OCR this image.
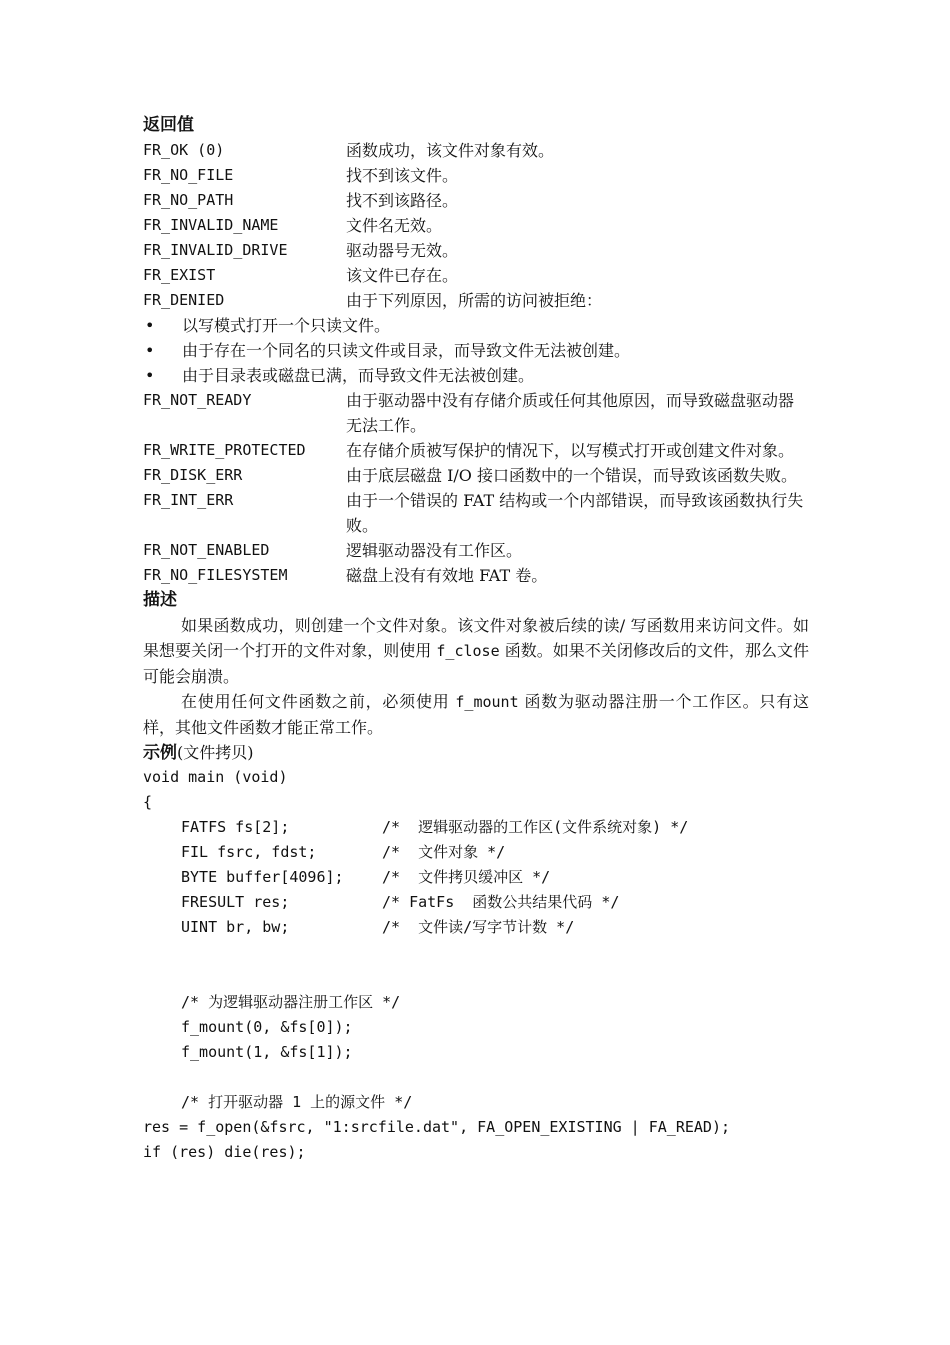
返回值
FR_OK (0)	函数成功，该文件对象有效。
FR_NO_FILE	找不到该文件。
FR_NO_PATH	找不到该路径。
FR_INVALID_NAME	文件名无效。
FR_INVALID_DRIVE	驱动器号无效。
FR_EXIST	该文件已存在。
FR_DENIED	由于下列原因，所需的访问被拒绝：
•	以写模式打开一个只读文件。
•	由于存在一个同名的只读文件或目录，而导致文件无法被创建。
•	由于目录表或磁盘已满，而导致文件无法被创建。
FR_NOT_READY	由于驱动器中没有存储介质或任何其他原因，而导致磁盘驱动器无法工作。
FR_WRITE_PROTECTED	在存储介质被写保护的情况下，以写模式打开或创建文件对象。
FR_DISK_ERR	由于底层磁盘 I/O 接口函数中的一个错误，而导致该函数失败。
FR_INT_ERR	由于一个错误的 FAT 结构或一个内部错误，而导致该函数执行失败。
FR_NOT_ENABLED	逻辑驱动器没有工作区。
FR_NO_FILESYSTEM	磁盘上没有有效地 FAT 卷。
描述
如果函数成功，则创建一个文件对象。该文件对象被后续的读/ 写函数用来访问文件。如果想要关闭一个打开的文件对象，则使用 f_close 函数。如果不关闭修改后的文件，那么文件可能会崩溃。
在使用任何文件函数之前，必须使用 f_mount 函数为驱动器注册一个工作区。只有这样，其他文件函数才能正常工作。
示例(文件拷贝)
void main (void)
{
FATFS fs[2];	/*  逻辑驱动器的工作区(文件系统对象) */
FIL fsrc, fdst;	/*  文件对象 */
BYTE buffer[4096];	/*  文件拷贝缓冲区 */
FRESULT res;	/* FatFs  函数公共结果代码 */
UINT br, bw;	/*  文件读/写字节计数 */
/* 为逻辑驱动器注册工作区 */
f_mount(0, &fs[0]);
f_mount(1, &fs[1]);
/* 打开驱动器 1 上的源文件 */
res = f_open(&fsrc, "1:srcfile.dat", FA_OPEN_EXISTING | FA_READ);
if (res) die(res);
